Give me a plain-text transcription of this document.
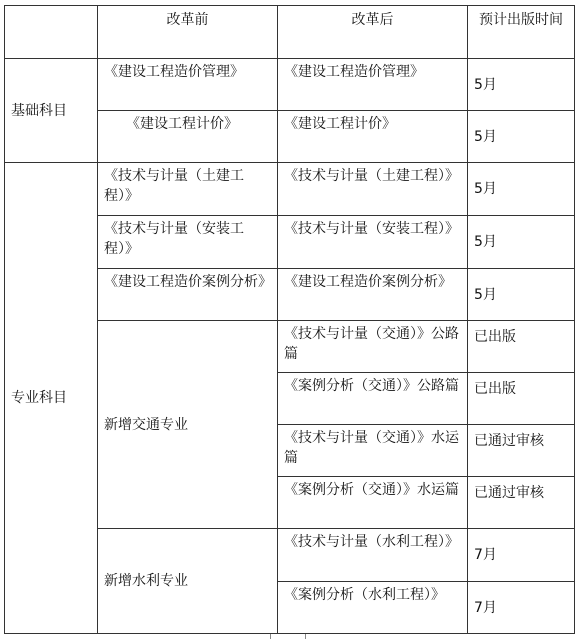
	改革前	改革后	预计出版时间
基础科目	《建设工程造价管理》	《建设工程造价管理》	5月
	《建设工程计价》	《建设工程计价》	5月
专业科目	《技术与计量（土建工程）》	《技术与计量（土建工程）》	5月
	《技术与计量（安装工程）》	《技术与计量（安装工程）》	5月
	《建设工程造价案例分析》	《建设工程造价案例分析》	5月
	新增交通专业	《技术与计量（交通）》公路篇	已出版
		《案例分析（交通）》公路篇	已出版
		《技术与计量（交通）》水运篇	已通过审核
		《案例分析（交通）》水运篇	已通过审核
	新增水利专业	《技术与计量（水利工程）》	7月
		《案例分析（水利工程）》	7月
